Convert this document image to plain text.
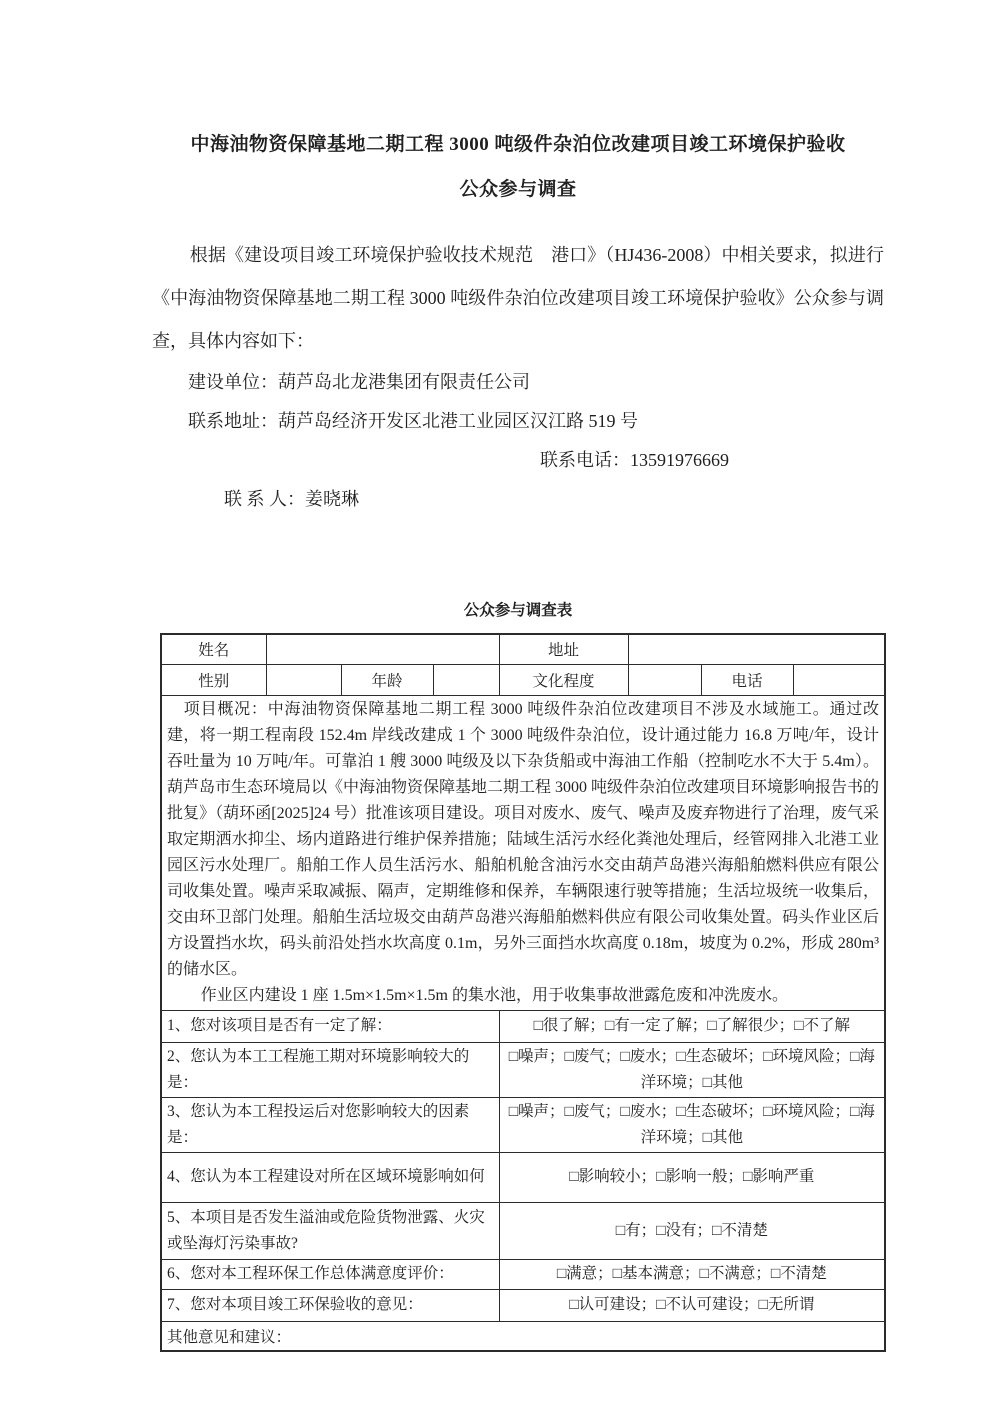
中海油物资保障基地二期工程 3000 吨级件杂泊位改建项目竣工环境保护验收
公众参与调查

根据《建设项目竣工环境保护验收技术规范　港口》（HJ436-2008）中相关要求，拟进行《中海油物资保障基地二期工程 3000 吨级件杂泊位改建项目竣工环境保护验收》公众参与调查，具体内容如下：

建设单位：葫芦岛北龙港集团有限责任公司
联系地址：葫芦岛经济开发区北港工业园区汉江路 519 号

联 系 人：姜晓琳

联系电话：13591976669

公众参与调查表
姓名				地址			
性别		年龄		文化程度		电话	

项目概况：中海油物资保障基地二期工程 3000 吨级件杂泊位改建项目不涉及水域施工。通过改建，将一期工程南段 152.4m 岸线改建成 1 个 3000 吨级件杂泊位，设计通过能力 16.8 万吨/年，设计吞吐量为 10 万吨/年。可靠泊 1 艘 3000 吨级及以下杂货船或中海油工作船（控制吃水不大于 5.4m）。葫芦岛市生态环境局以《中海油物资保障基地二期工程 3000 吨级件杂泊位改建项目环境影响报告书的批复》（葫环函[2025]24 号）批准该项目建设。项目对废水、废气、噪声及废弃物进行了治理，废气采取定期洒水抑尘、场内道路进行维护保养措施；陆域生活污水经化粪池处理后，经管网排入北港工业园区污水处理厂。船舶工作人员生活污水、船舶机舱含油污水交由葫芦岛港兴海船舶燃料供应有限公司收集处置。噪声采取减振、隔声，定期维修和保养，车辆限速行驶等措施；生活垃圾统一收集后，交由环卫部门处理。船舶生活垃圾交由葫芦岛港兴海船舶燃料供应有限公司收集处置。码头作业区后方设置挡水坎，码头前沿处挡水坎高度 0.1m，另外三面挡水坎高度 0.18m，坡度为 0.2%，形成 280m³ 的储水区。

作业区内建设 1 座 1.5m×1.5m×1.5m 的集水池，用于收集事故泄露危废和冲洗废水。							

1、您对该项目是否有一定了解：				□很了解；□有一定了解；□了解很少；□不了解			
2、您认为本工工程施工期对环境影响较大的是：				□噪声；□废气；□废水；□生态破坏；□环境风险；□海洋环境；□其他			
3、您认为本工程投运后对您影响较大的因素是：				□噪声；□废气；□废水；□生态破坏；□环境风险；□海洋环境；□其他			
4、您认为本工程建设对所在区域环境影响如何				□影响较小；□影响一般；□影响严重			
5、本项目是否发生溢油或危险货物泄露、火灾或坠海灯污染事故?				□有；□没有；□不清楚			
6、您对本工程环保工作总体满意度评价：				□满意；□基本满意；□不满意；□不清楚			
7、您对本项目竣工环保验收的意见：				□认可建设；□不认可建设；□无所谓			
其他意见和建议：							
